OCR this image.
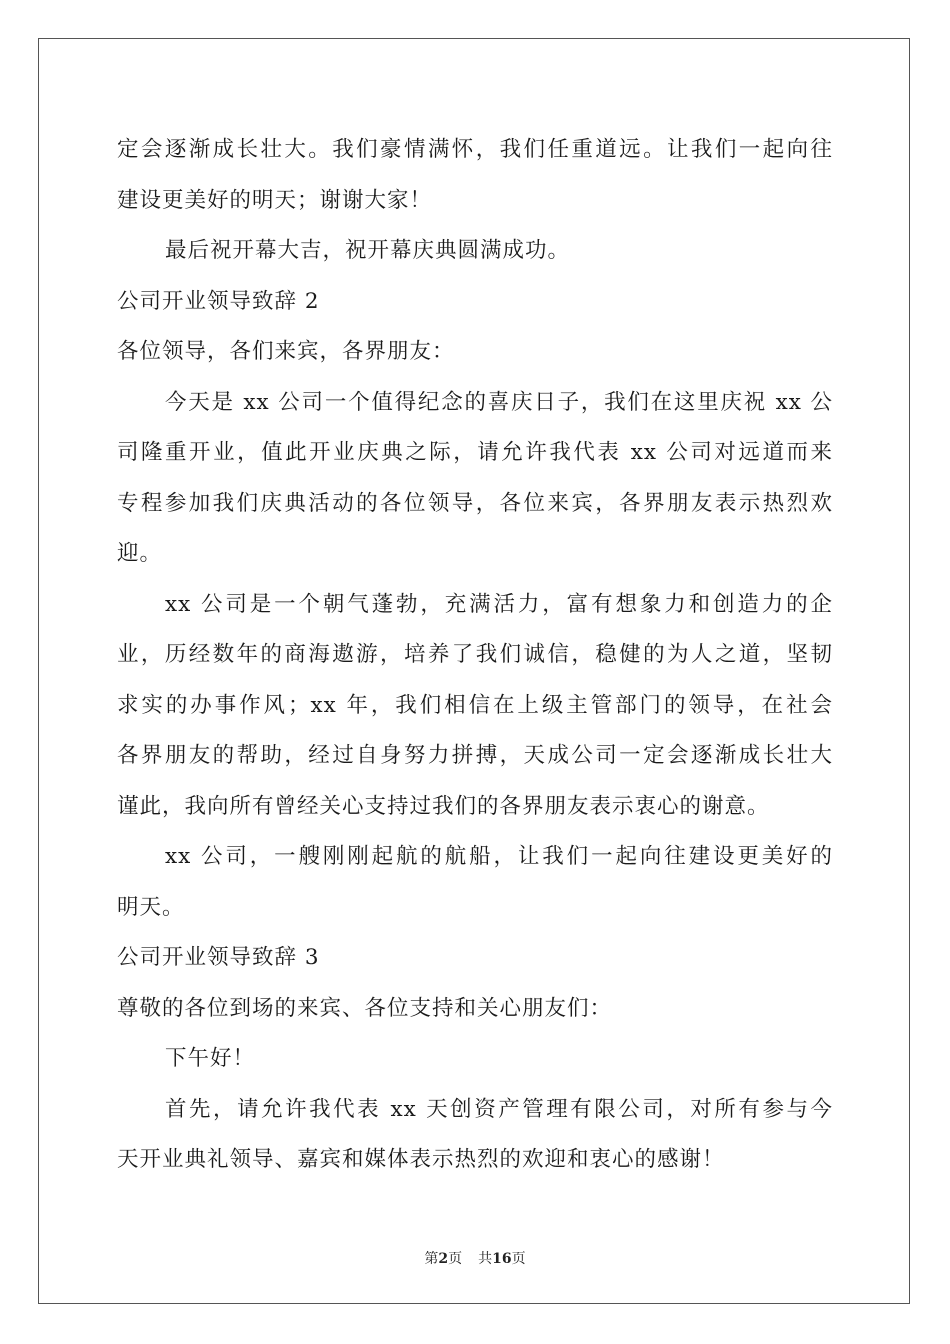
定会逐渐成长壮大。我们豪情满怀，我们任重道远。让我们一起向往
建设更美好的明天；谢谢大家！
最后祝开幕大吉，祝开幕庆典圆满成功。
公司开业领导致辞 2
各位领导，各们来宾，各界朋友：
今天是 xx 公司一个值得纪念的喜庆日子，我们在这里庆祝 xx 公
司隆重开业，值此开业庆典之际，请允许我代表 xx 公司对远道而来
专程参加我们庆典活动的各位领导，各位来宾，各界朋友表示热烈欢
迎。
xx 公司是一个朝气蓬勃，充满活力，富有想象力和创造力的企
业，历经数年的商海遨游，培养了我们诚信，稳健的为人之道，坚韧
求实的办事作风；xx 年，我们相信在上级主管部门的领导，在社会
各界朋友的帮助，经过自身努力拼搏，天成公司一定会逐渐成长壮大
谨此，我向所有曾经关心支持过我们的各界朋友表示衷心的谢意。
xx 公司，一艘刚刚起航的航船，让我们一起向往建设更美好的
明天。
公司开业领导致辞 3
尊敬的各位到场的来宾、各位支持和关心朋友们：
下午好！
首先，请允许我代表 xx 天创资产管理有限公司，对所有参与今
天开业典礼领导、嘉宾和媒体表示热烈的欢迎和衷心的感谢！
第2页 共16页
